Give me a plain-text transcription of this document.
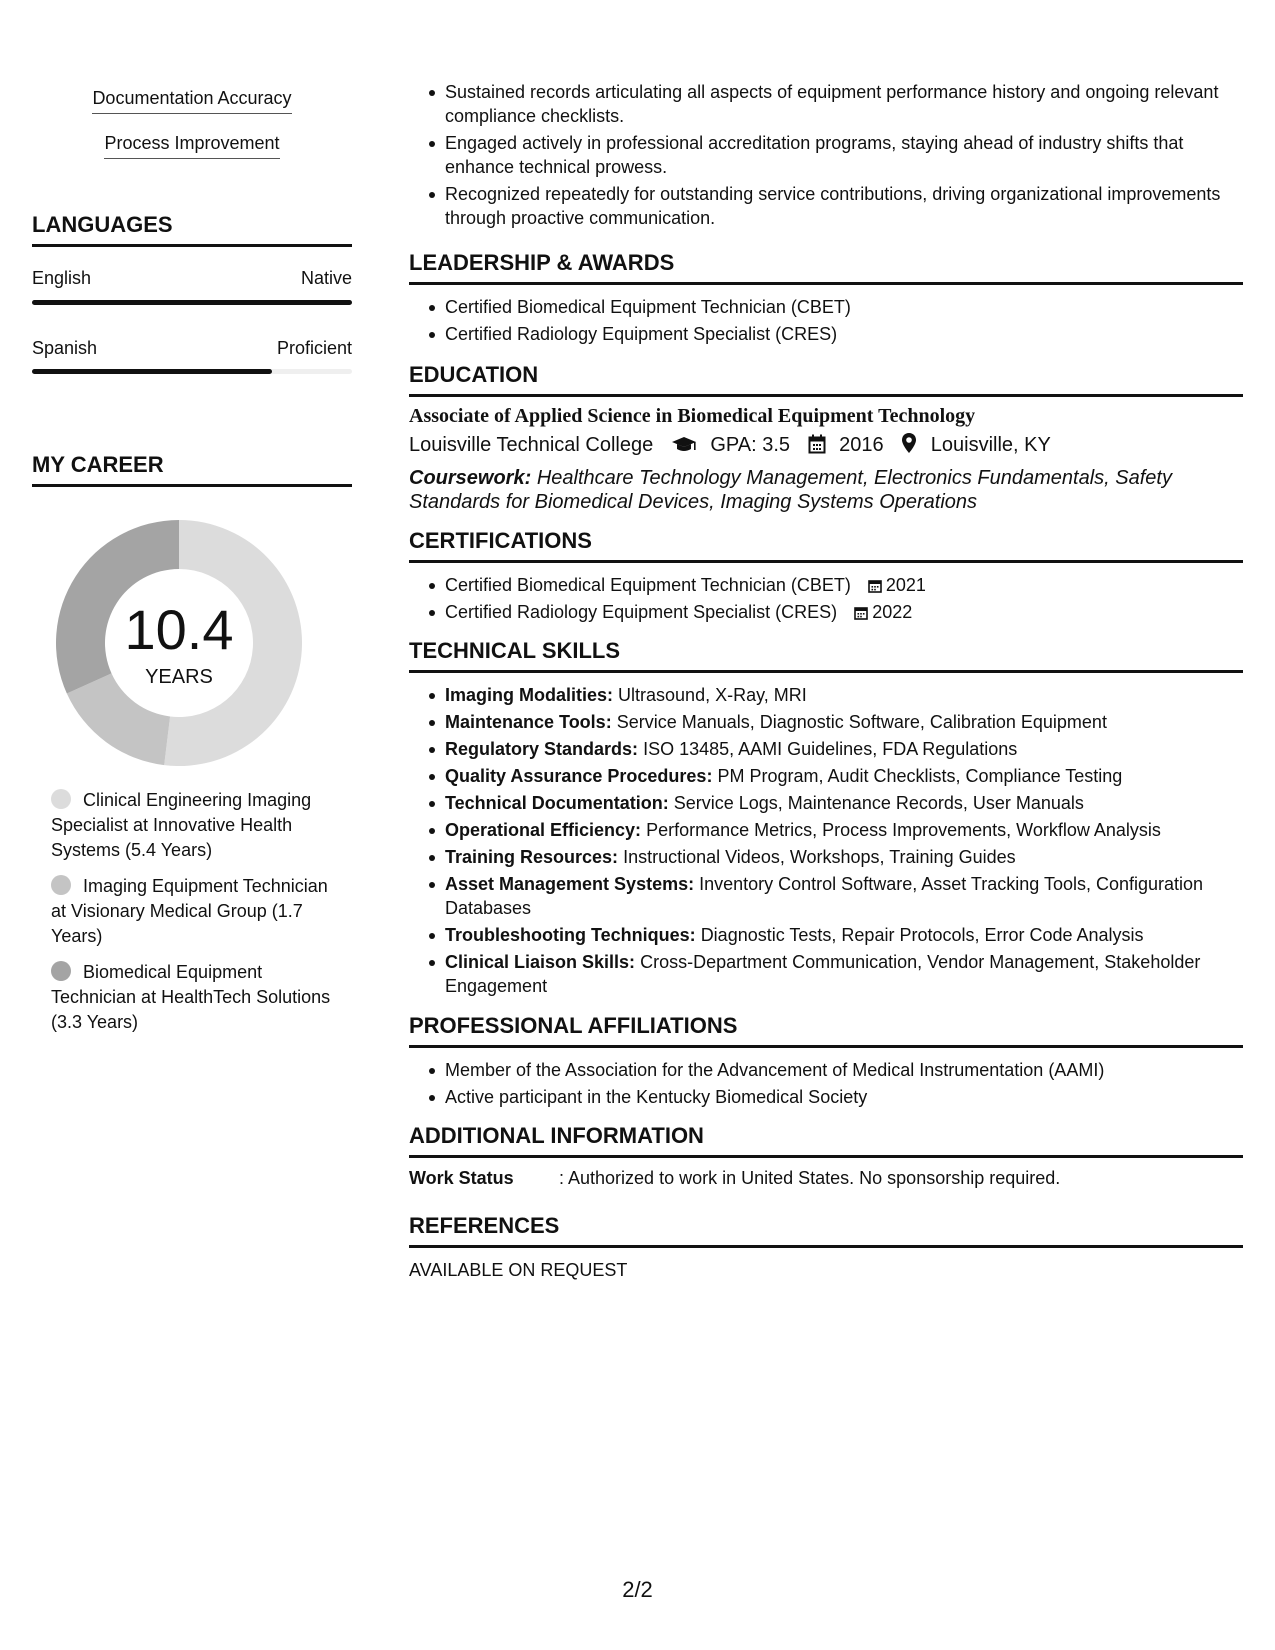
Documentation Accuracy
Process Improvement
LANGUAGES
English	Native
Spanish	Proficient
MY CAREER
10.4
YEARS
Clinical Engineering Imaging Specialist at Innovative Health Systems (5.4 Years)
Imaging Equipment Technician at Visionary Medical Group (1.7 Years)
Biomedical Equipment Technician at HealthTech Solutions (3.3 Years)
Sustained records articulating all aspects of equipment performance history and ongoing relevant compliance checklists.
Engaged actively in professional accreditation programs, staying ahead of industry shifts that enhance technical prowess.
Recognized repeatedly for outstanding service contributions, driving organizational improvements through proactive communication.
LEADERSHIP & AWARDS
Certified Biomedical Equipment Technician (CBET)
Certified Radiology Equipment Specialist (CRES)
EDUCATION
Associate of Applied Science in Biomedical Equipment Technology
Louisville Technical College	GPA: 3.5 2016 Louisville, KY
Coursework: Healthcare Technology Management, Electronics Fundamentals, Safety Standards for Biomedical Devices, Imaging Systems Operations
CERTIFICATIONS
Certified Biomedical Equipment Technician (CBET) 2021
Certified Radiology Equipment Specialist (CRES) 2022
TECHNICAL SKILLS
Imaging Modalities: Ultrasound, X-Ray, MRI
Maintenance Tools: Service Manuals, Diagnostic Software, Calibration Equipment
Regulatory Standards: ISO 13485, AAMI Guidelines, FDA Regulations
Quality Assurance Procedures: PM Program, Audit Checklists, Compliance Testing
Technical Documentation: Service Logs, Maintenance Records, User Manuals
Operational Efficiency: Performance Metrics, Process Improvements, Workflow Analysis
Training Resources: Instructional Videos, Workshops, Training Guides
Asset Management Systems: Inventory Control Software, Asset Tracking Tools, Configuration Databases
Troubleshooting Techniques: Diagnostic Tests, Repair Protocols, Error Code Analysis
Clinical Liaison Skills: Cross-Department Communication, Vendor Management, Stakeholder Engagement
PROFESSIONAL AFFILIATIONS
Member of the Association for the Advancement of Medical Instrumentation (AAMI)
Active participant in the Kentucky Biomedical Society
ADDITIONAL INFORMATION
Work Status	: Authorized to work in United States. No sponsorship required.
REFERENCES
AVAILABLE ON REQUEST
2/2
